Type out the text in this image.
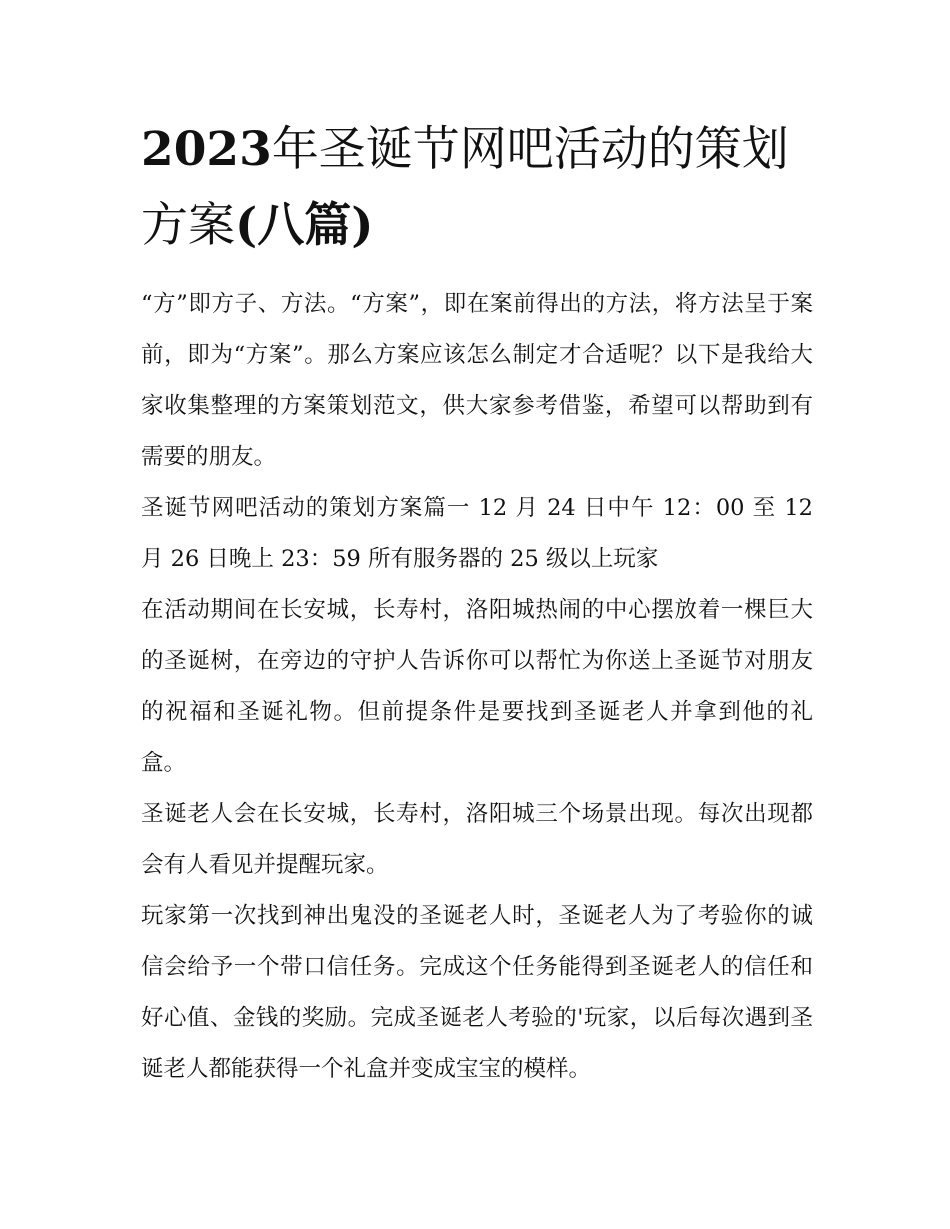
2023年圣诞节网吧活动的策划方案(八篇)

“方”即方子、方法。“方案”，即在案前得出的方法，将方法呈于案前，即为“方案”。那么方案应该怎么制定才合适呢？以下是我给大家收集整理的方案策划范文，供大家参考借鉴，希望可以帮助到有需要的朋友。

圣诞节网吧活动的策划方案篇一 12 月 24 日中午 12：00 至 12 月 26 日晚上 23：59 所有服务器的 25 级以上玩家

在活动期间在长安城，长寿村，洛阳城热闹的中心摆放着一棵巨大的圣诞树，在旁边的守护人告诉你可以帮忙为你送上圣诞节对朋友的祝福和圣诞礼物。但前提条件是要找到圣诞老人并拿到他的礼盒。

圣诞老人会在长安城，长寿村，洛阳城三个场景出现。每次出现都会有人看见并提醒玩家。

玩家第一次找到神出鬼没的圣诞老人时，圣诞老人为了考验你的诚信会给予一个带口信任务。完成这个任务能得到圣诞老人的信任和好心值、金钱的奖励。完成圣诞老人考验的'玩家，以后每次遇到圣诞老人都能获得一个礼盒并变成宝宝的模样。
